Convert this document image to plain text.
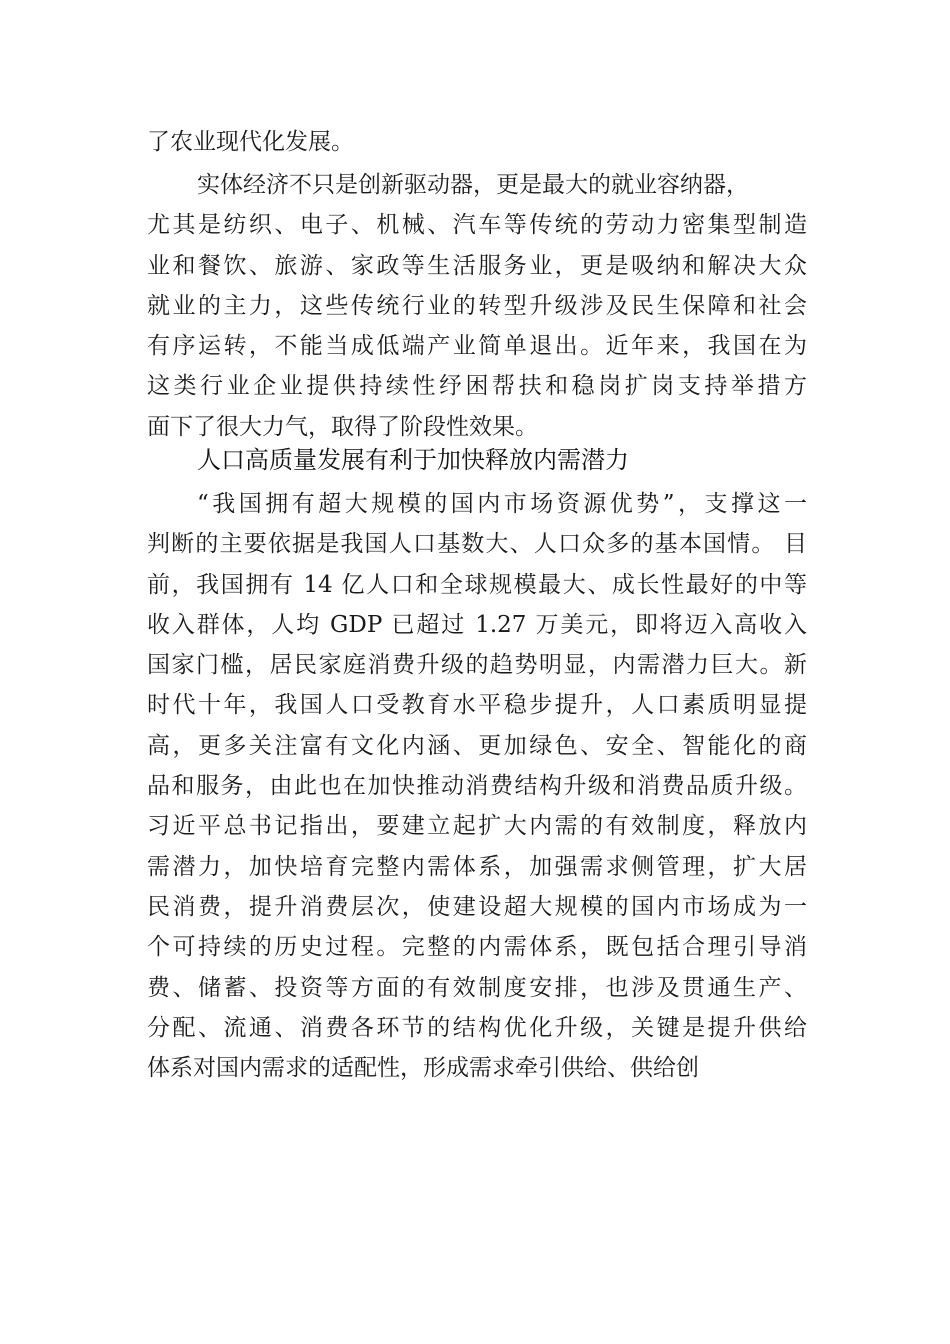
了农业现代化发展。
实体经济不只是创新驱动器，更是最大的就业容纳器，
尤其是纺织、电子、机械、汽车等传统的劳动力密集型制造
业和餐饮、旅游、家政等生活服务业，更是吸纳和解决大众
就业的主力，这些传统行业的转型升级涉及民生保障和社会
有序运转，不能当成低端产业简单退出。近年来，我国在为
这类行业企业提供持续性纾困帮扶和稳岗扩岗支持举措方
面下了很大力气，取得了阶段性效果。
人口高质量发展有利于加快释放内需潜力
“我国拥有超大规模的国内市场资源优势”，支撑这一
判断的主要依据是我国人口基数大、人口众多的基本国情。 目
前，我国拥有 14 亿人口和全球规模最大、成长性最好的中等
收入群体，人均 GDP 已超过 1.27 万美元，即将迈入高收入
国家门槛，居民家庭消费升级的趋势明显，内需潜力巨大。新
时代十年，我国人口受教育水平稳步提升，人口素质明显提
高，更多关注富有文化内涵、更加绿色、安全、智能化的商
品和服务，由此也在加快推动消费结构升级和消费品质升级。
习近平总书记指出，要建立起扩大内需的有效制度，释放内
需潜力，加快培育完整内需体系，加强需求侧管理，扩大居
民消费，提升消费层次，使建设超大规模的国内市场成为一
个可持续的历史过程。完整的内需体系，既包括合理引导消
费、储蓄、投资等方面的有效制度安排，也涉及贯通生产、
分配、流通、消费各环节的结构优化升级，关键是提升供给
体系对国内需求的适配性，形成需求牵引供给、供给创
